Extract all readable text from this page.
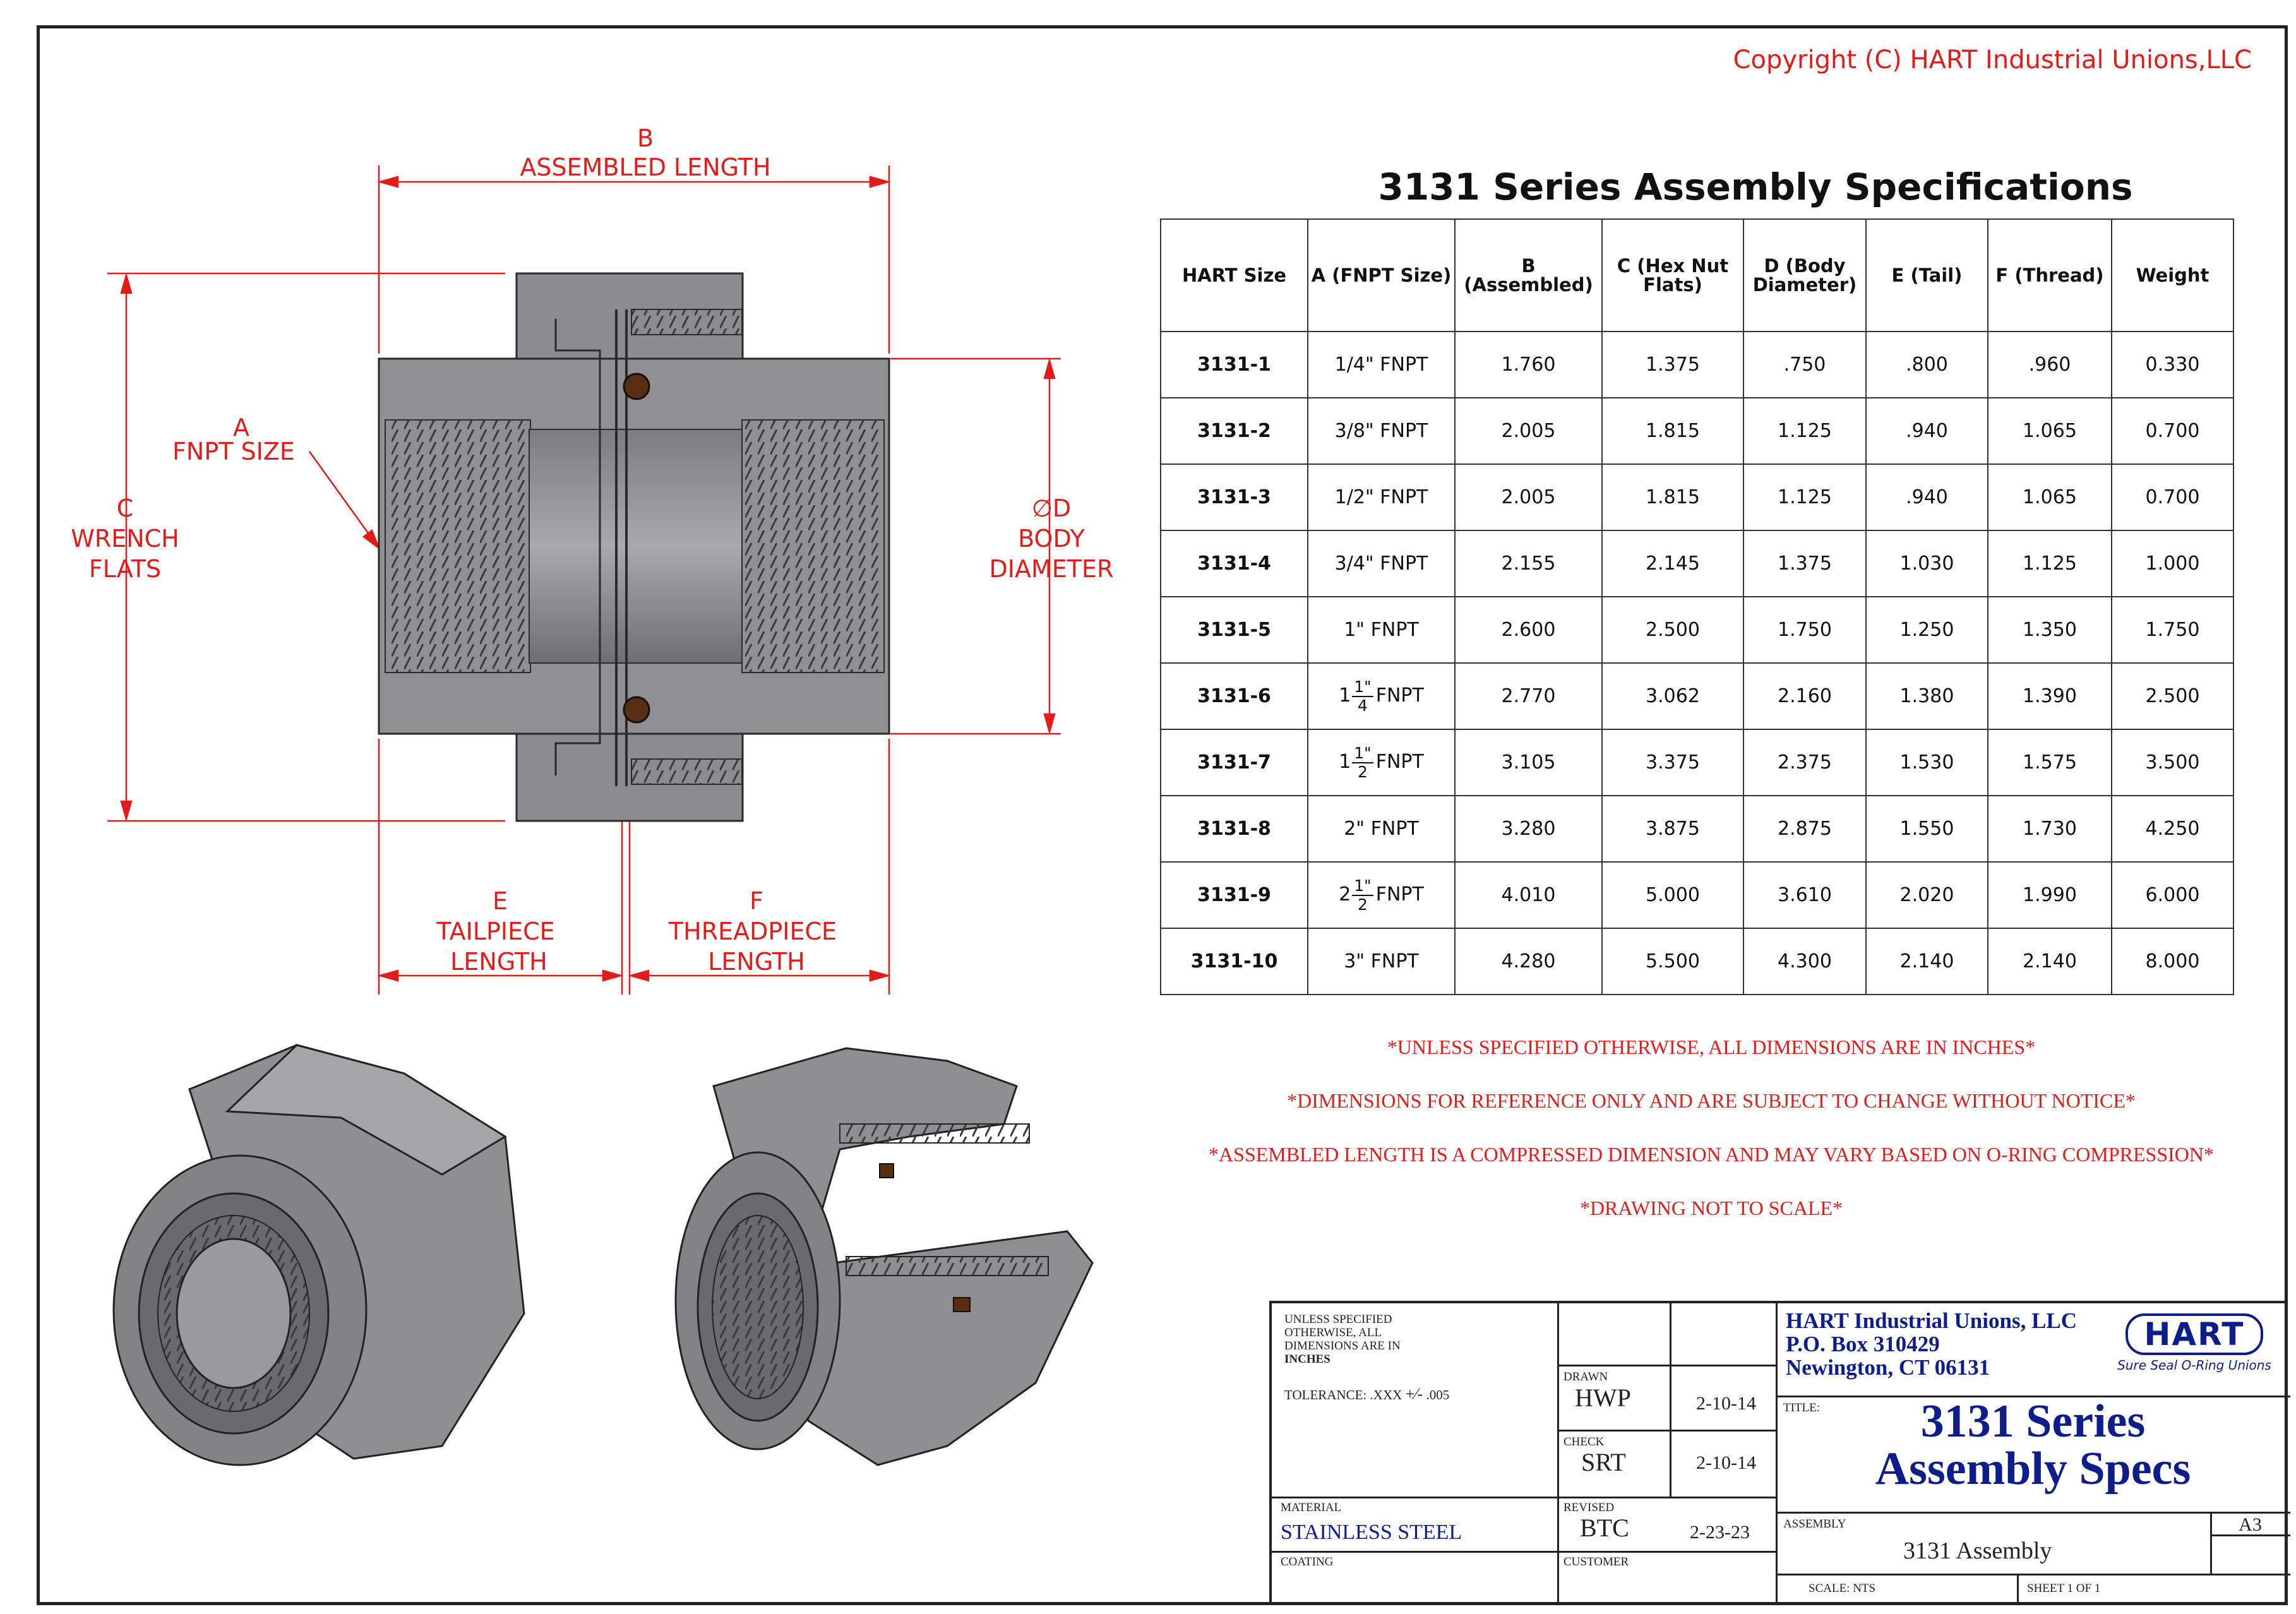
Copyright (C) HART Industrial Unions,LLC
B
ASSEMBLED LENGTH
A
FNPT SIZE
C
WRENCH
FLATS
∅D
BODY
DIAMETER
E
TAILPIECE
LENGTH
F
THREADPIECE
LENGTH
3131 Series Assembly Specifications
HART Size	A (FNPT Size)	B (Assembled)	C (Hex Nut Flats)	D (Body Diameter)	E (Tail)	F (Thread)	Weight
3131-1	1/4" FNPT	1.760	1.375	.750	.800	.960	0.330
3131-2	3/8" FNPT	2.005	1.815	1.125	.940	1.065	0.700
3131-3	1/2" FNPT	2.005	1.815	1.125	.940	1.065	0.700
3131-4	3/4" FNPT	2.155	2.145	1.375	1.030	1.125	1.000
3131-5	1" FNPT	2.600	2.500	1.750	1.250	1.350	1.750
3131-6	$1 \frac{1"}{4}$ FNPT	2.770	3.062	2.160	1.380	1.390	2.500
3131-7	$1 \frac{1"}{2}$ FNPT	3.105	3.375	2.375	1.530	1.575	3.500
3131-8	2" FNPT	3.280	3.875	2.875	1.550	1.730	4.250
3131-9	$2 \frac{1"}{2}$ FNPT	4.010	5.000	3.610	2.020	1.990	6.000
3131-10	3" FNPT	4.280	5.500	4.300	2.140	2.140	8.000
*UNLESS SPECIFIED OTHERWISE, ALL DIMENSIONS ARE IN INCHES*
*DIMENSIONS FOR REFERENCE ONLY AND ARE SUBJECT TO CHANGE WITHOUT NOTICE*
*ASSEMBLED LENGTH IS A COMPRESSED DIMENSION AND MAY VARY BASED ON O-RING COMPRESSION*
*DRAWING NOT TO SCALE*
UNLESS SPECIFIED
OTHERWISE, ALL
DIMENSIONS ARE IN
INCHES
TOLERANCE: .XXX +⁄- .005
DRAWN
HWP	2-10-14
CHECK
SRT	2-10-14
REVISED
BTC	2-23-23
MATERIAL
STAINLESS STEEL
COATING	CUSTOMER
HART Industrial Unions, LLC
P.O. Box 310429
Newington, CT 06131
HART
Sure Seal O-Ring Unions
TITLE:	3131 Series
Assembly Specs
ASSEMBLY
3131 Assembly
A3
SCALE: NTS	SHEET 1 OF 1
